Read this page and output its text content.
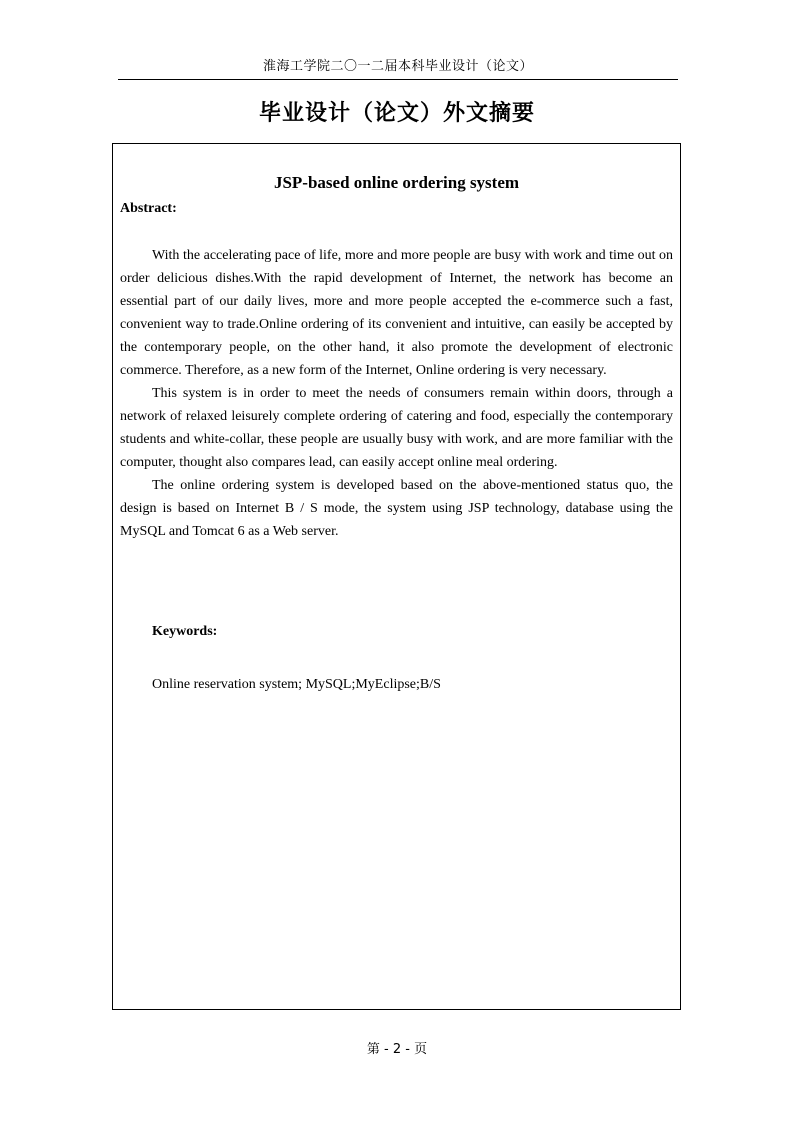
淮海工学院二〇一二届本科毕业设计（论文）
毕业设计（论文）外文摘要
JSP-based online ordering system
Abstract:

With the accelerating pace of life, more and more people are busy with work and time out on order delicious dishes.With the rapid development of Internet, the network has become an essential part of our daily lives, more and more people accepted the e-commerce such a fast, convenient way to trade.Online ordering of its convenient and intuitive, can easily be accepted by the contemporary people, on the other hand, it also promote the development of electronic commerce. Therefore, as a new form of the Internet, Online ordering is very necessary.

This system is in order to meet the needs of consumers remain within doors, through a network of relaxed leisurely complete ordering of catering and food, especially the contemporary students and white-collar, these people are usually busy with work, and are more familiar with the computer, thought also compares lead, can easily accept online meal ordering.

The online ordering system is developed based on the above-mentioned status quo, the design is based on Internet B / S mode, the system using JSP technology, database using the MySQL and Tomcat 6 as a Web server.

Keywords:
Online reservation system; MySQL;MyEclipse;B/S
第 - 2 - 页
